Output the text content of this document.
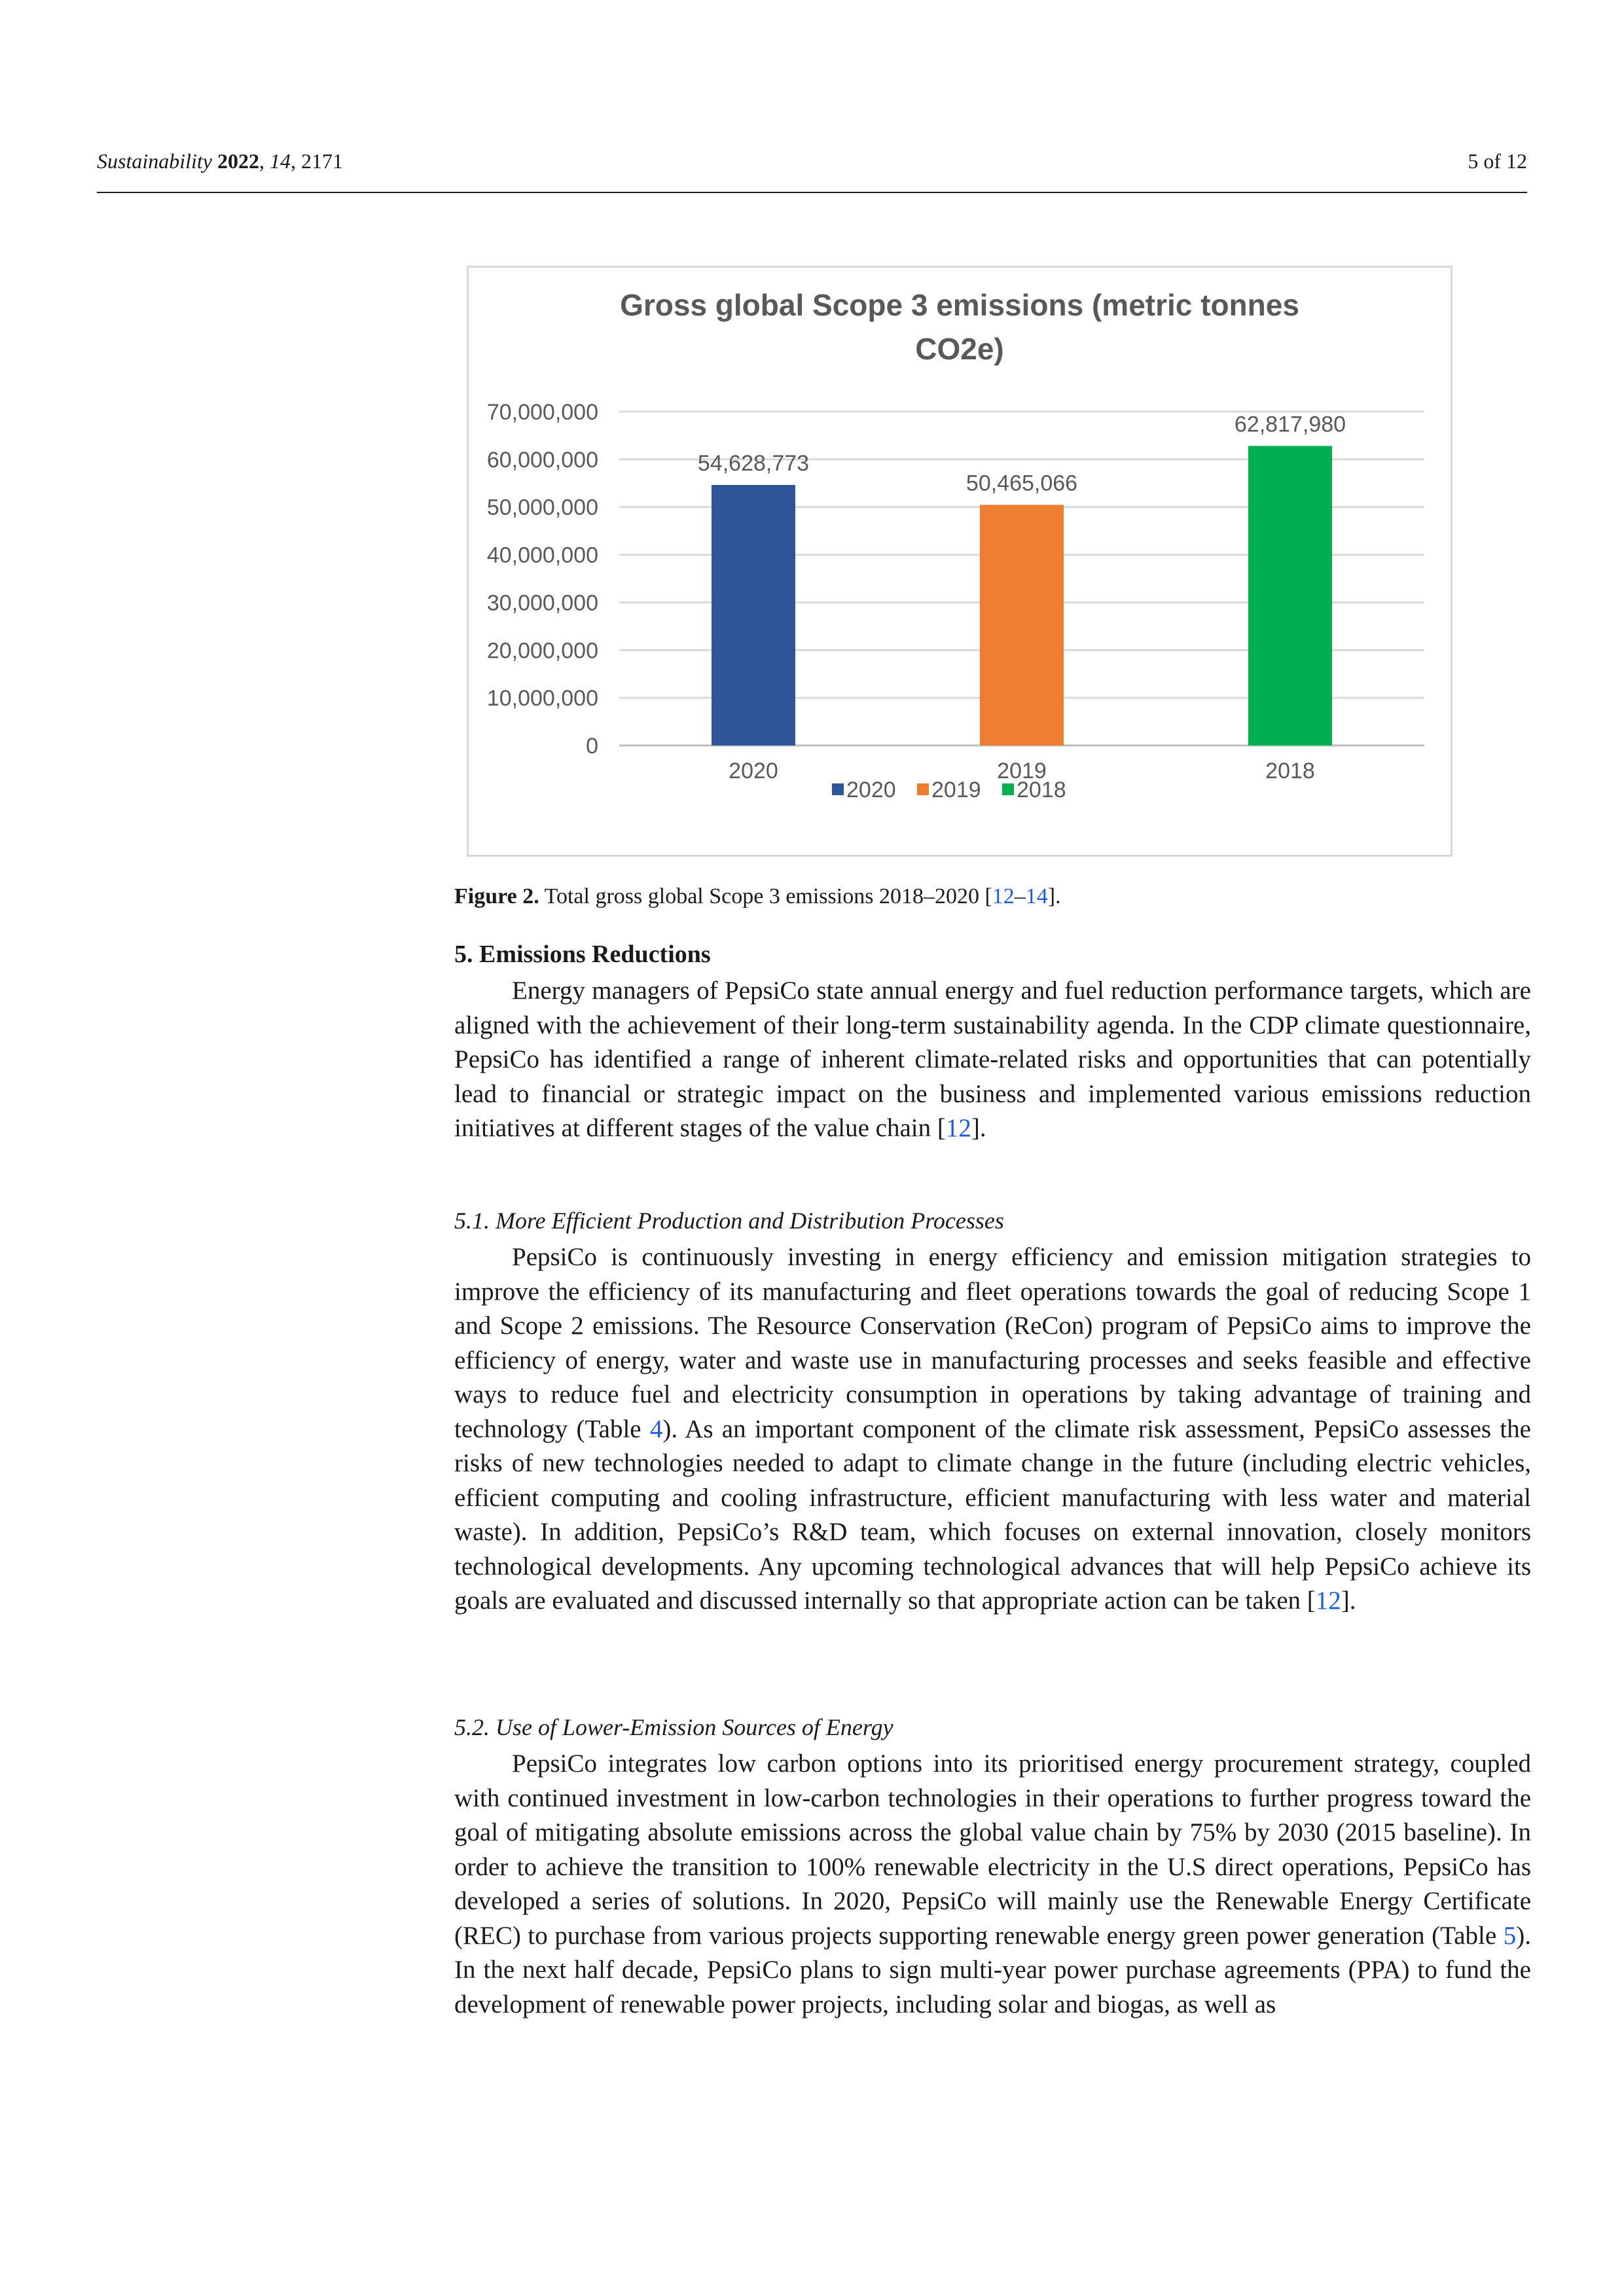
Sustainability 2022, 14, 2171	5 of 12
Gross global Scope 3 emissions (metric tonnes
CO2e)
0
10,000,000
20,000,000
30,000,000
40,000,000
50,000,000
60,000,000
70,000,000
54,628,773
2020
50,465,066
2019
62,817,980
2018
2020 2019 2018
Figure 2. Total gross global Scope 3 emissions 2018–2020 [12–14].
5. Emissions Reductions

Energy managers of PepsiCo state annual energy and fuel reduction performance targets, which are aligned with the achievement of their long-term sustainability agenda. In the CDP climate questionnaire, PepsiCo has identified a range of inherent climate-related risks and opportunities that can potentially lead to financial or strategic impact on the business and implemented various emissions reduction initiatives at different stages of the value chain [12].

5.1. More Efficient Production and Distribution Processes

PepsiCo is continuously investing in energy efficiency and emission mitigation strategies to improve the efficiency of its manufacturing and fleet operations towards the goal of reducing Scope 1 and Scope 2 emissions. The Resource Conservation (ReCon) program of PepsiCo aims to improve the efficiency of energy, water and waste use in manufacturing processes and seeks feasible and effective ways to reduce fuel and electricity consumption in operations by taking advantage of training and technology (Table 4). As an important component of the climate risk assessment, PepsiCo assesses the risks of new technologies needed to adapt to climate change in the future (including electric vehicles, efficient computing and cooling infrastructure, efficient manufacturing with less water and material waste). In addition, PepsiCo’s R&D team, which focuses on external innovation, closely monitors technological developments. Any upcoming technological advances that will help PepsiCo achieve its goals are evaluated and discussed internally so that appropriate action can be taken [12].

5.2. Use of Lower-Emission Sources of Energy

PepsiCo integrates low carbon options into its prioritised energy procurement strategy, coupled with continued investment in low-carbon technologies in their operations to further progress toward the goal of mitigating absolute emissions across the global value chain by 75% by 2030 (2015 baseline). In order to achieve the transition to 100% renewable electricity in the U.S direct operations, PepsiCo has developed a series of solutions. In 2020, PepsiCo will mainly use the Renewable Energy Certificate (REC) to purchase from various projects supporting renewable energy green power generation (Table 5). In the next half decade, PepsiCo plans to sign multi-year power purchase agreements (PPA) to fund the development of renewable power projects, including solar and biogas, as well as
